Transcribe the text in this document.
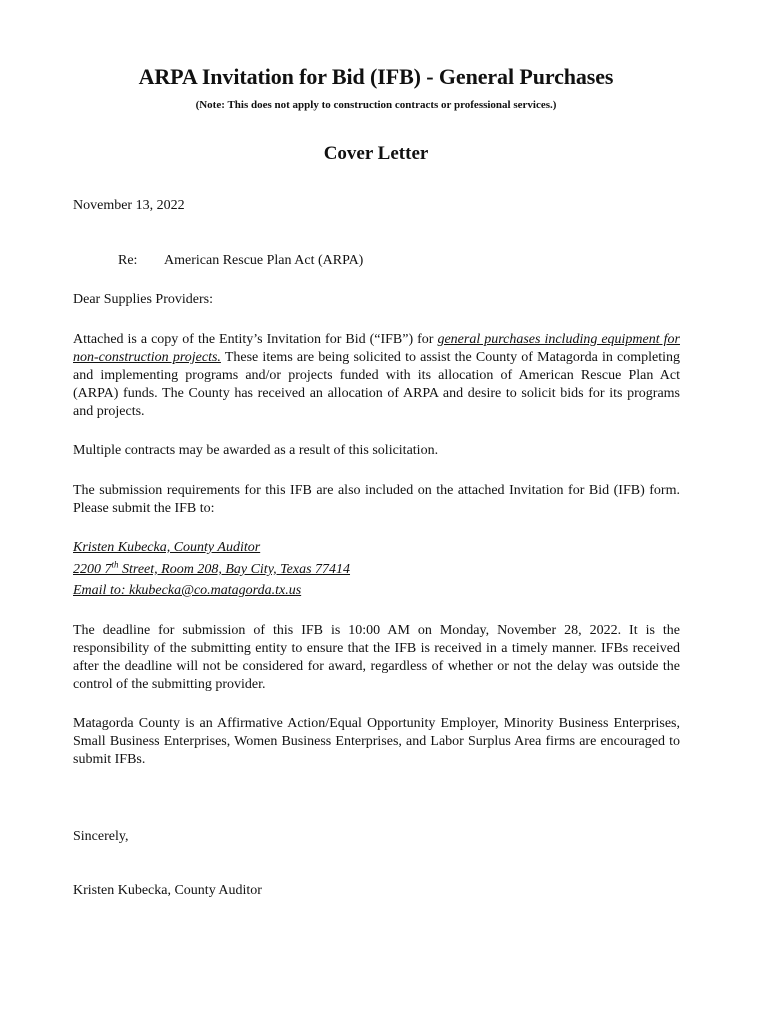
ARPA Invitation for Bid (IFB) - General Purchases
(Note: This does not apply to construction contracts or professional services.)
Cover Letter
November 13, 2022
Re: American Rescue Plan Act (ARPA)
Dear Supplies Providers:

Attached is a copy of the Entity’s Invitation for Bid (“IFB”) for general purchases including equipment for non-construction projects. These items are being solicited to assist the County of Matagorda in completing and implementing programs and/or projects funded with its allocation of American Rescue Plan Act (ARPA) funds. The County has received an allocation of ARPA and desire to solicit bids for its programs and projects.

Multiple contracts may be awarded as a result of this solicitation.

The submission requirements for this IFB are also included on the attached Invitation for Bid (IFB) form. Please submit the IFB to:

Kristen Kubecka, County Auditor
2200 7th Street, Room 208, Bay City, Texas 77414
Email to: kkubecka@co.matagorda.tx.us

The deadline for submission of this IFB is 10:00 AM on Monday, November 28, 2022. It is the responsibility of the submitting entity to ensure that the IFB is received in a timely manner. IFBs received after the deadline will not be considered for award, regardless of whether or not the delay was outside the control of the submitting provider.

Matagorda County is an Affirmative Action/Equal Opportunity Employer, Minority Business Enterprises, Small Business Enterprises, Women Business Enterprises, and Labor Surplus Area firms are encouraged to submit IFBs.

Sincerely,
Kristen Kubecka, County Auditor
